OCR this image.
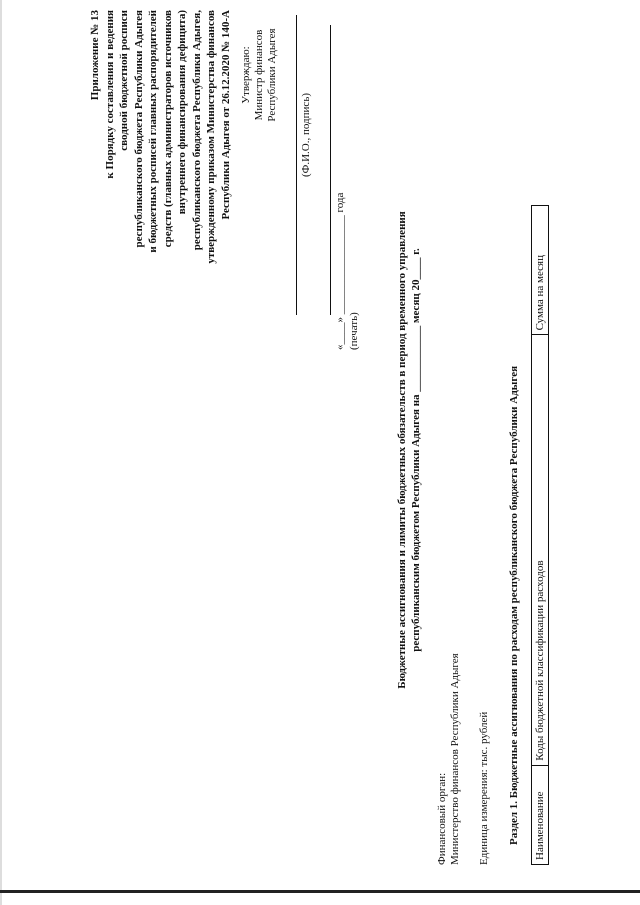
Приложение № 13 к Порядку составления и ведения сводной бюджетной росписи республиканского бюджета Республики Адыгея и бюджетных росписей главных распорядителей средств (главных администраторов источников внутреннего финансирования дефицита) республиканского бюджета Республики Адыгея, утвержденному приказом Министерства финансов Республики Адыгея от 26.12.2020 № 140-А Утверждаю: Министр финансов Республики Адыгея
(Ф.И.О., подпись)
«____» __________________ года (печать)	Бюджетные ассигнования и лимиты бюджетных обязательств в период временного управления республиканским бюджетом Республики Адыгея на ____________ месяц 20____ г.
Финансовый орган: Министерство финансов Республики Адыгея Единица измерения: тыс. рублей Раздел 1. Бюджетные ассигнования по расходам республиканского бюджета Республики Адыгея Наименование	Коды бюджетной классификации расходов	Сумма на месяц
